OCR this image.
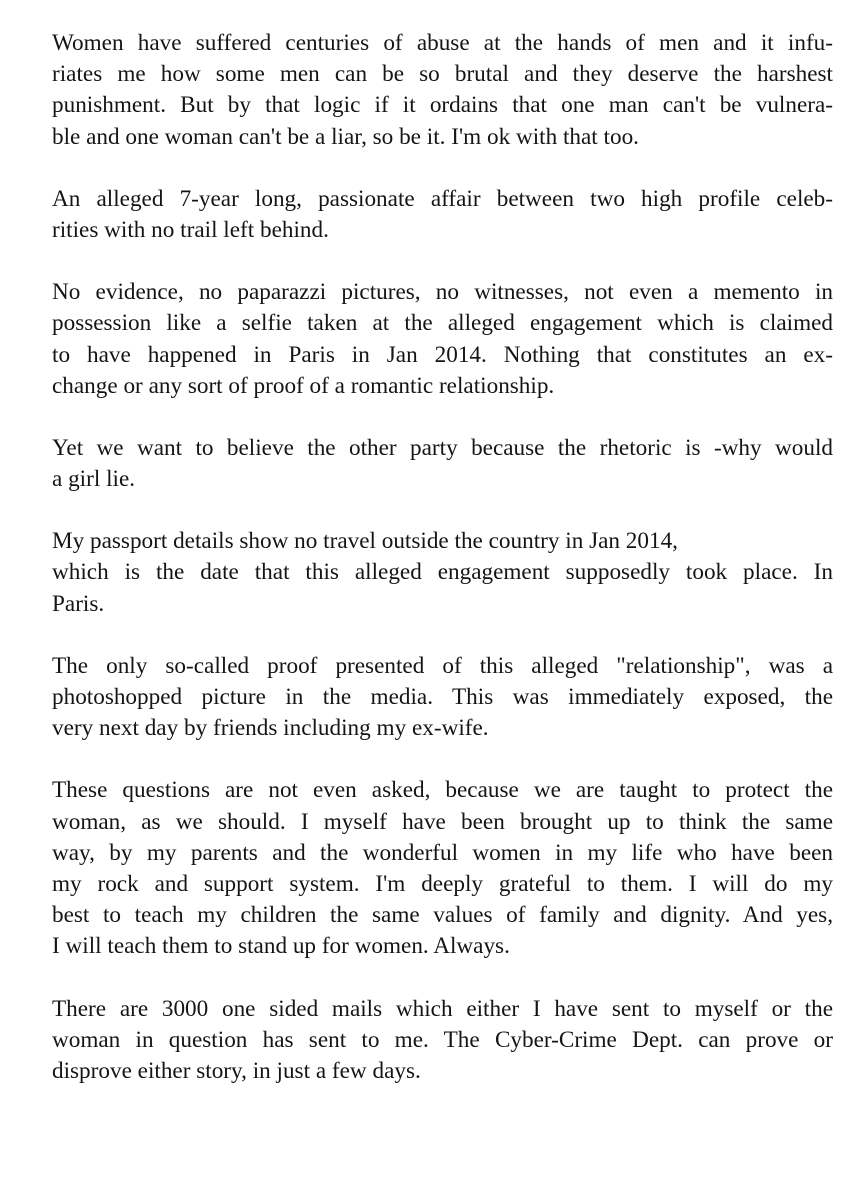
Women have suffered centuries of abuse at the hands of men and it infu-
riates me how some men can be so brutal and they deserve the harshest
punishment. But by that logic if it ordains that one man can't be vulnera-
ble and one woman can't be a liar, so be it. I'm ok with that too.
An alleged 7-year long, passionate affair between two high profile celeb-
rities with no trail left behind.
No evidence, no paparazzi pictures, no witnesses, not even a memento in
possession like a selfie taken at the alleged engagement which is claimed
to have happened in Paris in Jan 2014. Nothing that constitutes an ex-
change or any sort of proof of a romantic relationship.
Yet we want to believe the other party because the rhetoric is -why would
a girl lie.
My passport details show no travel outside the country in Jan 2014,
which is the date that this alleged engagement supposedly took place. In
Paris.
The only so-called proof presented of this alleged "relationship", was a
photoshopped picture in the media. This was immediately exposed, the
very next day by friends including my ex-wife.
These questions are not even asked, because we are taught to protect the
woman, as we should. I myself have been brought up to think the same
way, by my parents and the wonderful women in my life who have been
my rock and support system. I'm deeply grateful to them. I will do my
best to teach my children the same values of family and dignity. And yes,
I will teach them to stand up for women. Always.
There are 3000 one sided mails which either I have sent to myself or the
woman in question has sent to me. The Cyber-Crime Dept. can prove or
disprove either story, in just a few days.
